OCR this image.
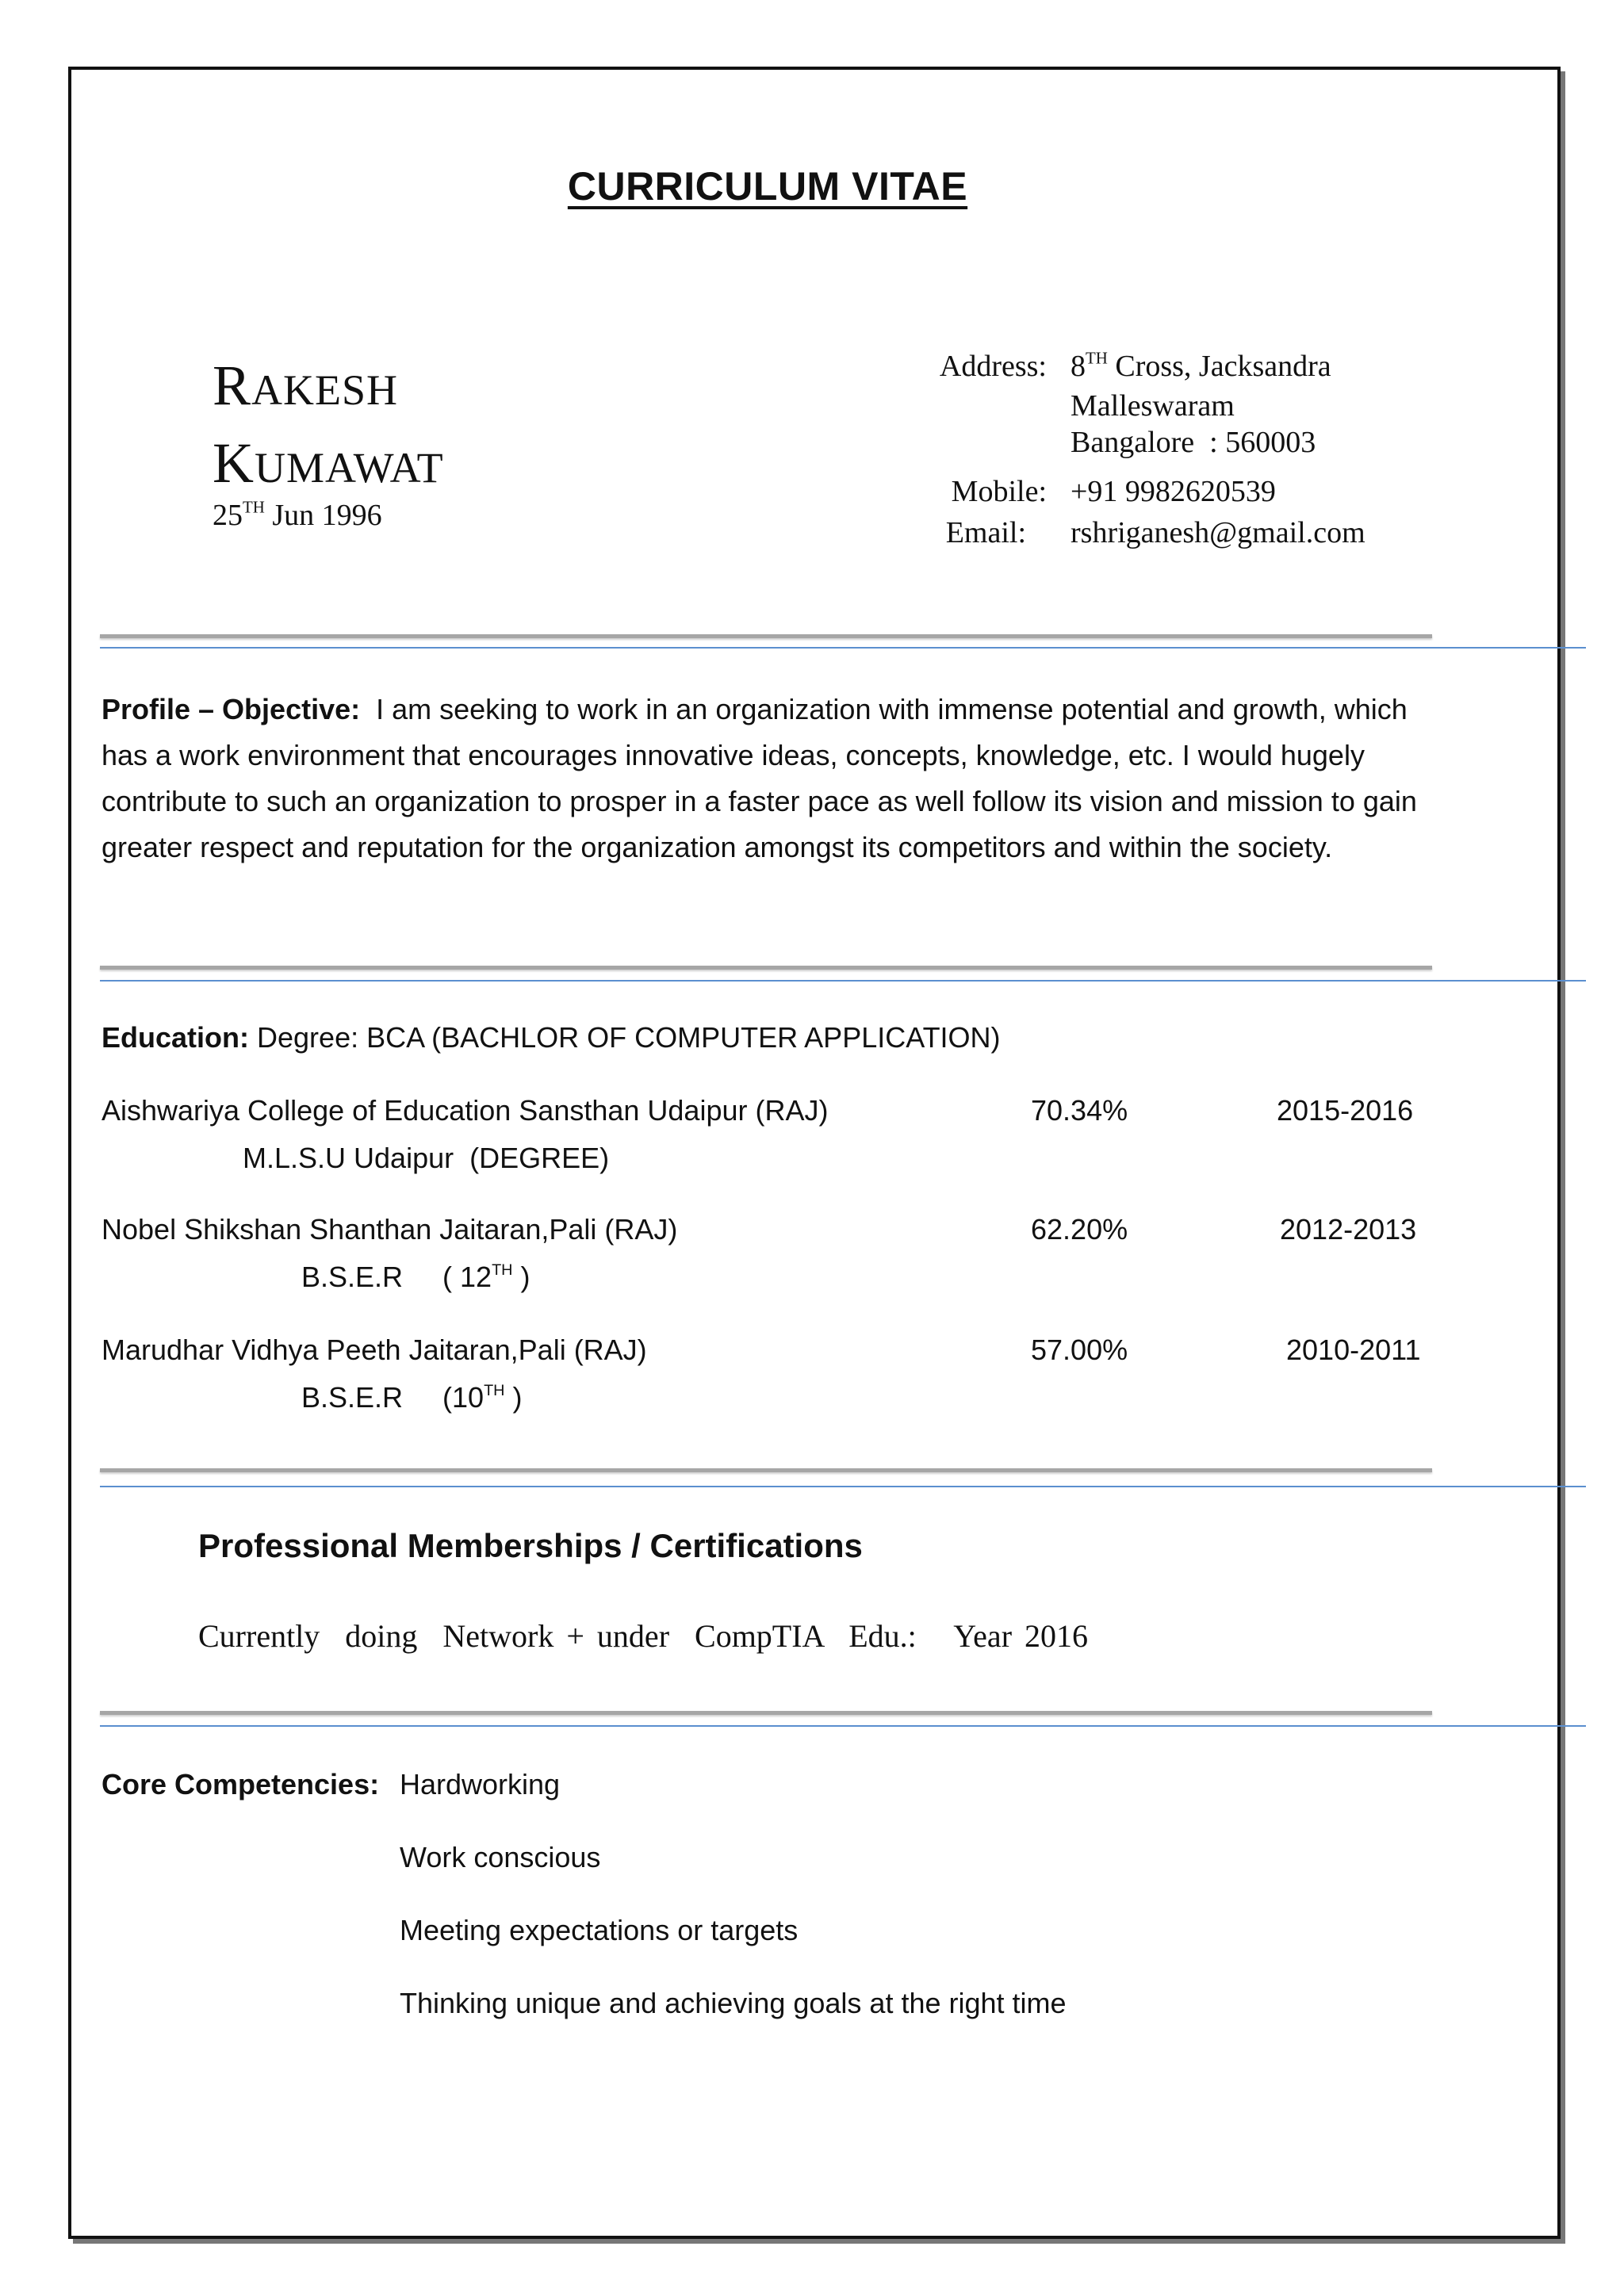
CURRICULUM VITAE
RAKESH
KUMAWAT
25TH Jun 1996
Address: 8TH Cross, Jacksandra
Malleswaram
Bangalore  : 560003
Mobile: +91 9982620539
Email: rshriganesh@gmail.com
Profile – Objective: I am seeking to work in an organization with immense potential and growth, which has a work environment that encourages innovative ideas, concepts, knowledge, etc. I would hugely contribute to such an organization to prosper in a faster pace as well follow its vision and mission to gain greater respect and reputation for the organization amongst its competitors and within the society.
Education: Degree: BCA (BACHLOR OF COMPUTER APPLICATION)
Aishwariya College of Education Sansthan Udaipur (RAJ)	70.34%	2015-2016
M.L.S.U Udaipur  (DEGREE)
Nobel Shikshan Shanthan Jaitaran,Pali (RAJ)	62.20%	2012-2013
B.S.E.R     ( 12TH )
Marudhar Vidhya Peeth Jaitaran,Pali (RAJ)	57.00%	2010-2011
B.S.E.R     (10TH )
Professional Memberships / Certifications
Currently  doing  Network + under  CompTIA  Edu.:   Year 2016
Core Competencies: Hardworking
Work conscious
Meeting expectations or targets
Thinking unique and achieving goals at the right time
